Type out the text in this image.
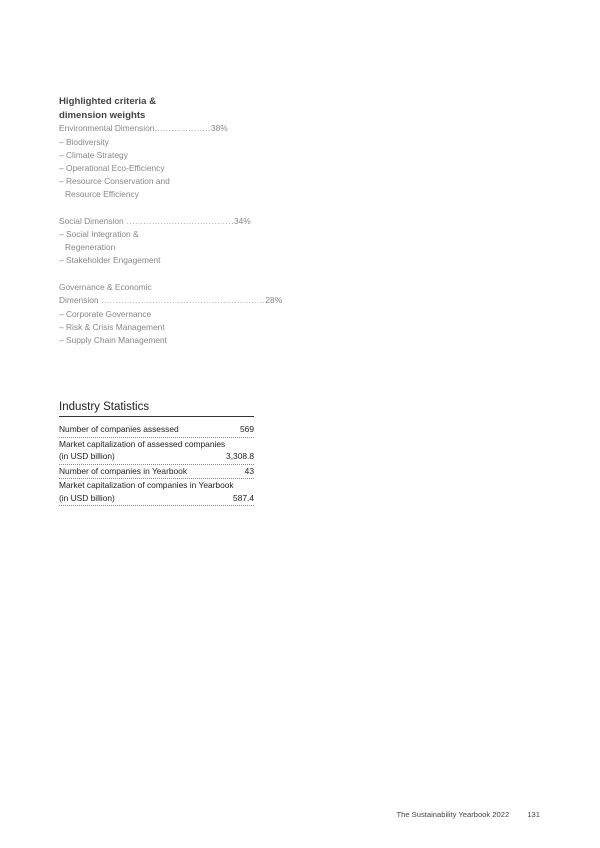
Highlighted criteria &
dimension weights
Environmental Dimension .................... 38%
– Biodiversity
– Climate Strategy
– Operational Eco-Efficiency
– Resource Conservation and Resource Efficiency
Social Dimension ...................................... 34%
– Social Integration & Regeneration
– Stakeholder Engagement
Governance & Economic
Dimension .......................................................... 28%
– Corporate Governance
– Risk & Crisis Management
– Supply Chain Management
Industry Statistics
Number of companies assessed	569
Market capitalization of assessed companies
(in USD billion)	3,308.8
Number of companies in Yearbook	43
Market capitalization of companies in Yearbook
(in USD billion)	587.4
The Sustainability Yearbook 2022 131
